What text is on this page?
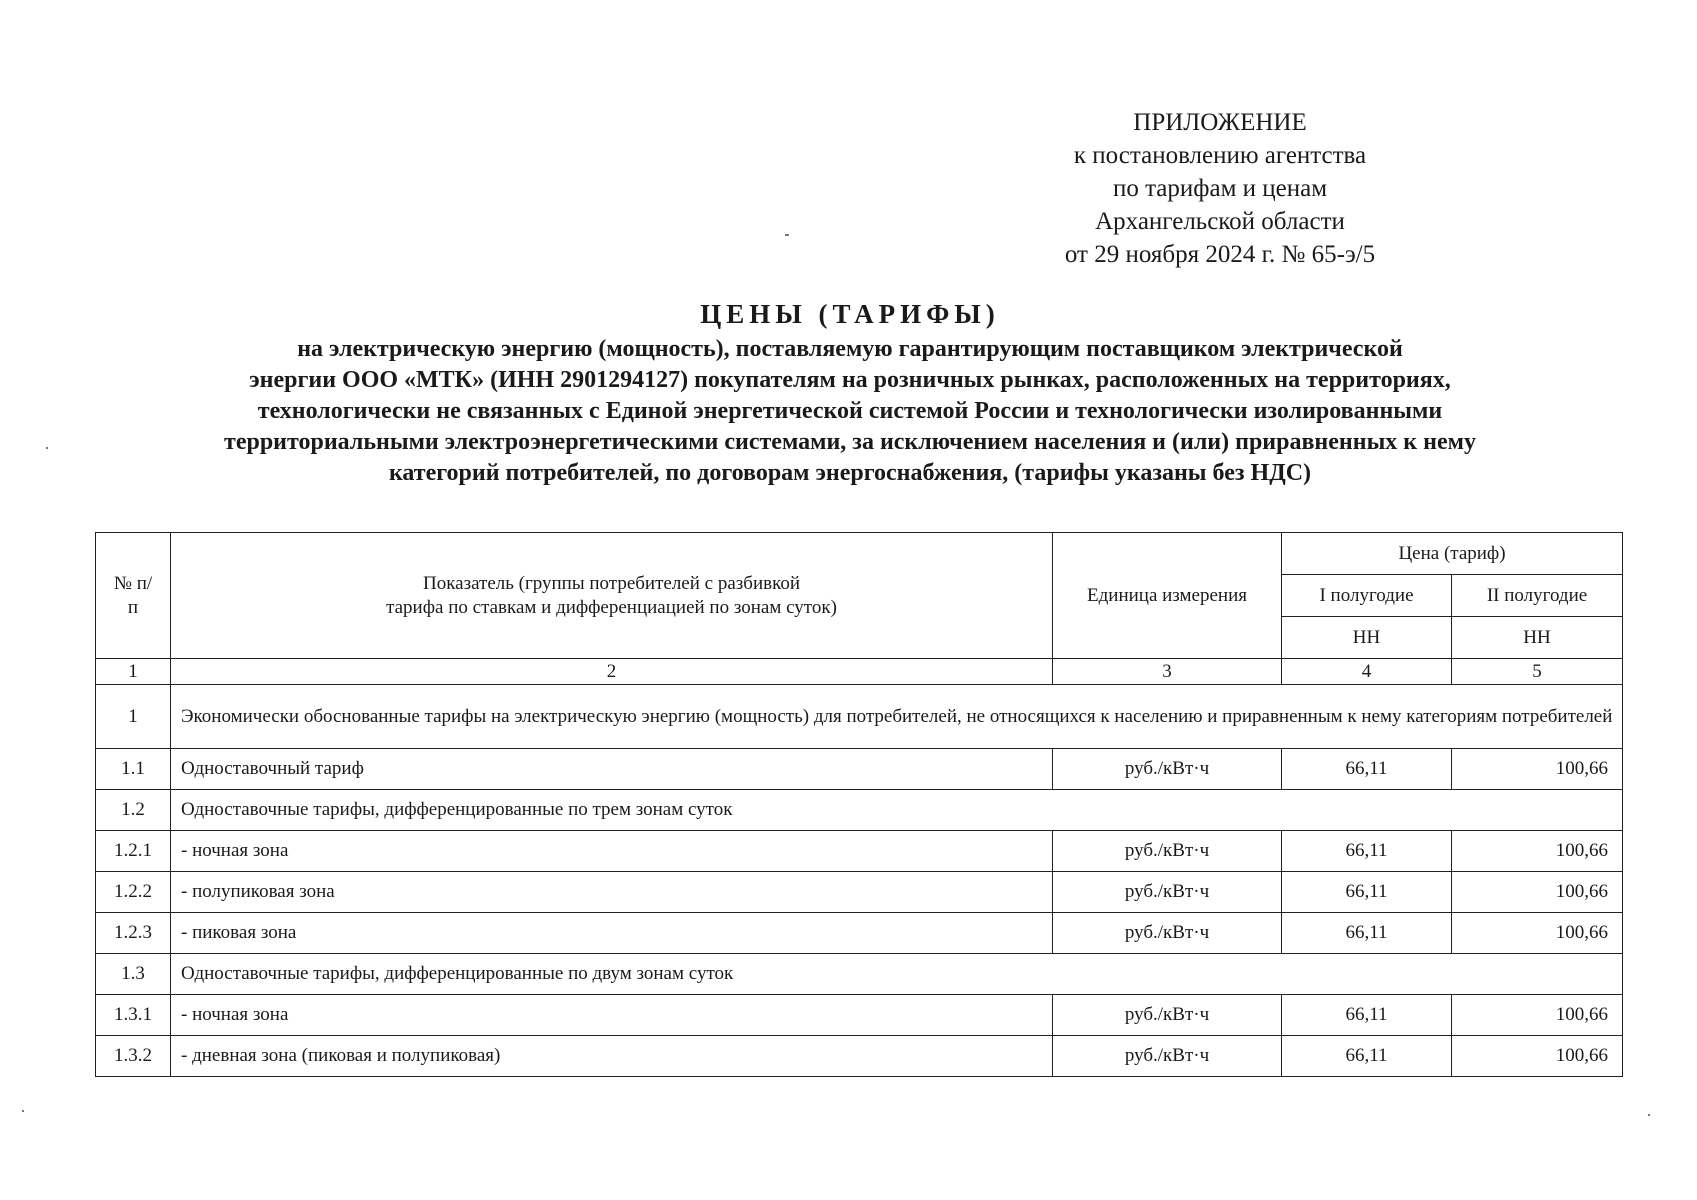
ПРИЛОЖЕНИЕ
к постановлению агентства
по тарифам и ценам
Архангельской области
от 29 ноября 2024 г. № 65-э/5
ЦЕНЫ (ТАРИФЫ)
на электрическую энергию (мощность), поставляемую гарантирующим поставщиком электрической
энергии ООО «МТК» (ИНН 2901294127) покупателям на розничных рынках, расположенных на территориях,
технологически не связанных с Единой энергетической системой России и технологически изолированными
территориальными электроэнергетическими системами, за исключением населения и (или) приравненных к нему
категорий потребителей, по договорам энергоснабжения, (тарифы указаны без НДС)
№ п/п	Показатель (группы потребителей с разбивкой
тарифа по ставкам и дифференциацией по зонам суток)	Единица измерения	Цена (тариф)	
			I полугодие	II полугодие
			НН	НН
1	2	3	4	5
1	Экономически обоснованные тарифы на электрическую энергию (мощность) для потребителей, не относящихся к населению и приравненным к нему категориям потребителей			
1.1	Одноставочный тариф	руб./кВт·ч	66,11	100,66
1.2	Одноставочные тарифы, дифференцированные по трем зонам суток			
1.2.1	- ночная зона	руб./кВт·ч	66,11	100,66
1.2.2	- полупиковая зона	руб./кВт·ч	66,11	100,66
1.2.3	- пиковая зона	руб./кВт·ч	66,11	100,66
1.3	Одноставочные тарифы, дифференцированные по двум зонам суток			
1.3.1	- ночная зона	руб./кВт·ч	66,11	100,66
1.3.2	- дневная зона (пиковая и полупиковая)	руб./кВт·ч	66,11	100,66
